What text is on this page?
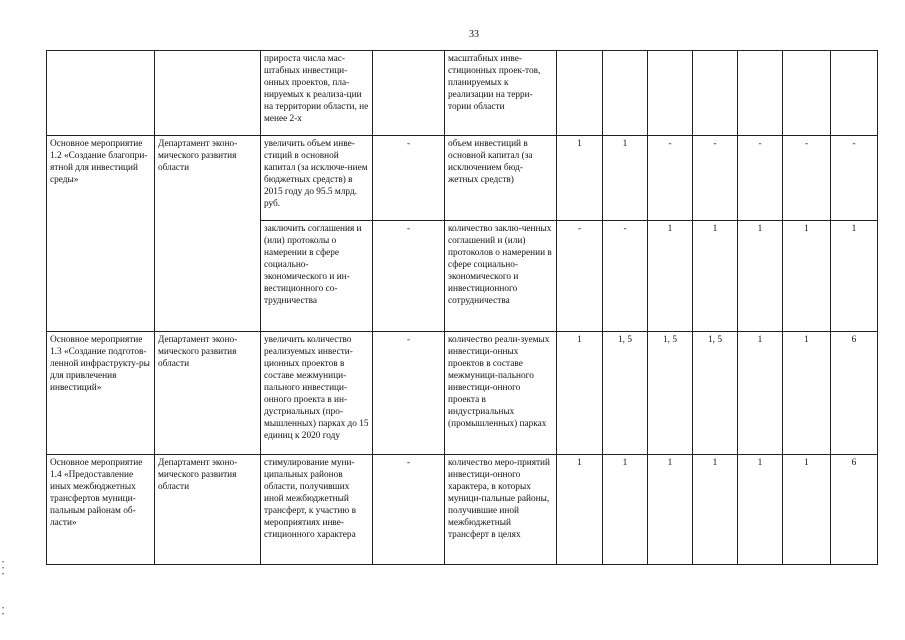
33
		прироста числа мас-штабных инвестици-онных проектов, пла-нируемых к реализа-ции на территории области, не менее 2-х		масштабных инве-стиционных проек-тов, планируемых к реализации на терри-тории области							
Основное мероприятие 1.2 «Создание благопри-ятной для инвестиций среды»	Департамент эконо-мического развития области	увеличить объем инве-стиций в основной капитал (за исключе-нием бюджетных средств) в 2015 году до 95.5 млрд. руб.	-	объем инвестиций в основной капитал (за исключением бюд-жетных средств)	1	1	-	-	-	-	-
		заключить соглашения и (или) протоколы о намерении в сфере социально-экономического и ин-вестиционного со-трудничества	-	количество заклю-ченных соглашений и (или) протоколов о намерении в сфере социально-экономического и инвестиционного сотрудничества	-	-	1	1	1	1	1
Основное мероприятие 1.3 «Создание подготов-ленной инфраструкту-ры для привлечения инвестиций»	Департамент эконо-мического развития области	увеличить количество реализуемых инвести-ционных проектов в составе межмуници-пального инвестици-онного проекта в ин-дустриальных (про-мышленных) парках до 15 единиц к 2020 году	-	количество реали-зуемых инвестици-онных проектов в составе межмуници-пального инвестици-онного проекта в индустриальных (промышленных) парках	1	1, 5	1, 5	1, 5	1	1	6
Основное мероприятие 1.4 «Предоставление иных межбюджетных трансфертов муници-пальным районам об-ласти»	Департамент эконо-мического развития области	стимулирование муни-ципальных районов области, получивших иной межбюджетный трансферт, к участию в мероприятиях инве-стиционного характера	-	количество меро-приятий инвестици-онного характера, в которых муници-пальные районы, получившие иной межбюджетный трансферт в целях	1	1	1	1	1	1	6
•
•
•
•
•
